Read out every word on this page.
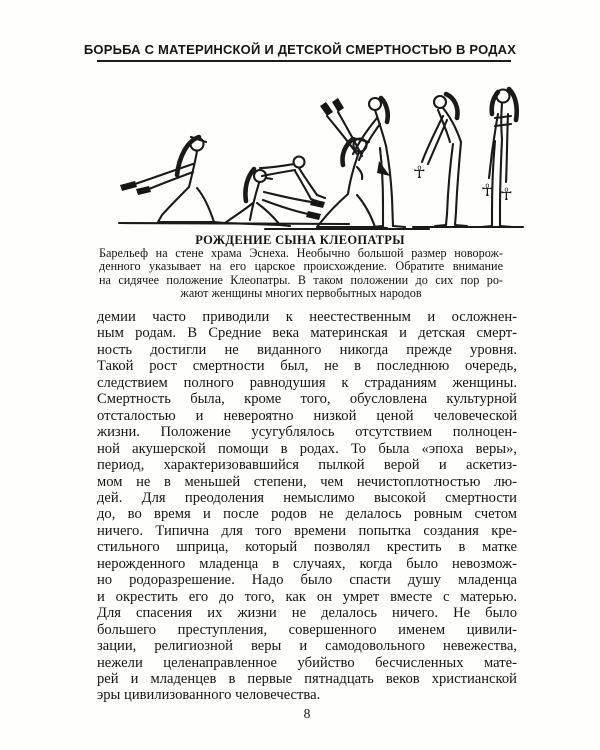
БОРЬБА С МАТЕРИНСКОЙ И ДЕТСКОЙ СМЕРТНОСТЬЮ В РОДАХ
☥
☥ ☥
РОЖДЕНИЕ СЫНА КЛЕОПАТРЫ
Барельеф на стене храма Эснеха. Необычно большой размер новорож-
денного указывает на его царское происхождение. Обратите внимание
на сидячее положение Клеопатры. В таком положении до сих пор ро-
жают женщины многих первобытных народов
демии часто приводили к неестественным и осложнен-
ным родам. В Средние века материнская и детская смерт-
ность достигли не виданного никогда прежде уровня.
Такой рост смертности был, не в последнюю очередь,
следствием полного равнодушия к страданиям женщины.
Смертность была, кроме того, обусловлена культурной
отсталостью и невероятно низкой ценой человеческой
жизни. Положение усугублялось отсутствием полноцен-
ной акушерской помощи в родах. То была «эпоха веры»,
период, характеризовавшийся пылкой верой и аскетиз-
мом не в меньшей степени, чем нечистоплотностью лю-
дей. Для преодоления немыслимо высокой смертности
до, во время и после родов не делалось ровным счетом
ничего. Типична для того времени попытка создания кре-
стильного шприца, который позволял крестить в матке
нерожденного младенца в случаях, когда было невозмож-
но родоразрешение. Надо было спасти душу младенца
и окрестить его до того, как он умрет вместе с матерью.
Для спасения их жизни не делалось ничего. Не было
большего преступления, совершенного именем цивили-
зации, религиозной веры и самодовольного невежества,
нежели целенаправленное убийство бесчисленных мате-
рей и младенцев в первые пятнадцать веков христианской
эры цивилизованного человечества.
8
